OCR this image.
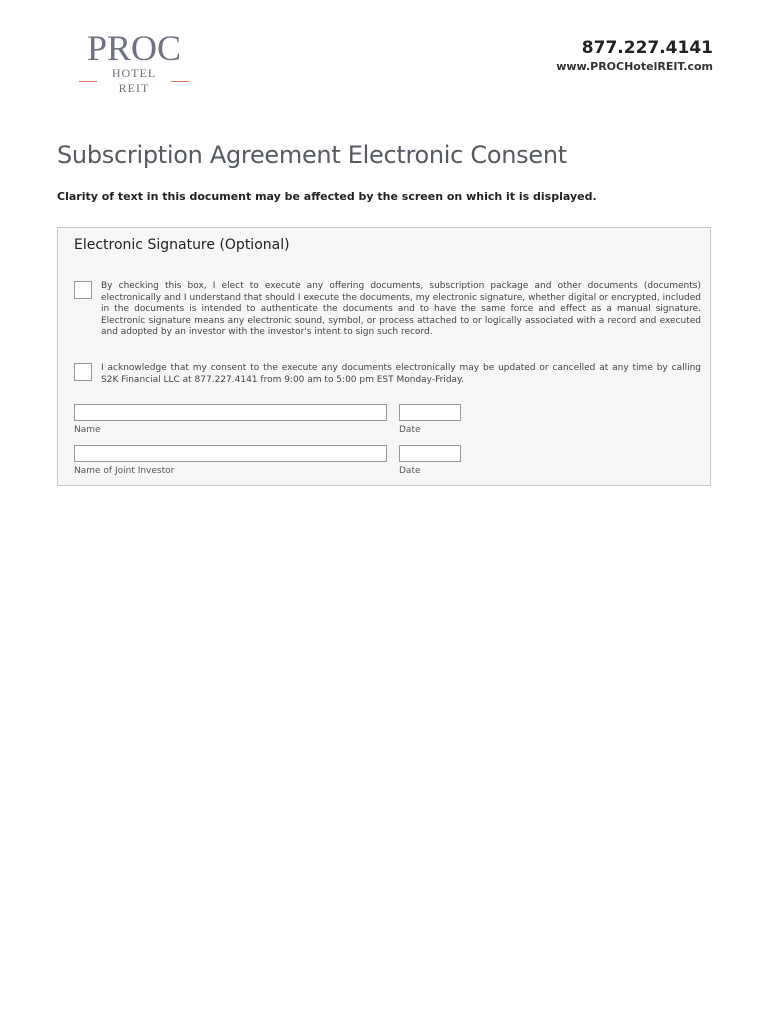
PROC
HOTEL REIT
877.227.4141
www.PROCHotelREIT.com
Subscription Agreement Electronic Consent

Clarity of text in this document may be affected by the screen on which it is displayed.

Electronic Signature (Optional)

By checking this box, I elect to execute any offering documents, subscription package and other documents (documents) electronically and I understand that should I execute the documents, my electronic signature, whether digital or encrypted, included in the documents is intended to authenticate the documents and to have the same force and effect as a manual signature. Electronic signature means any electronic sound, symbol, or process attached to or logically associated with a record and executed and adopted by an investor with the investor's intent to sign such record.

I acknowledge that my consent to the execute any documents electronically may be updated or cancelled at any time by calling S2K Financial LLC at 877.227.4141 from 9:00 am to 5:00 pm EST Monday-Friday.

Name	Date
Name of Joint Investor	Date
